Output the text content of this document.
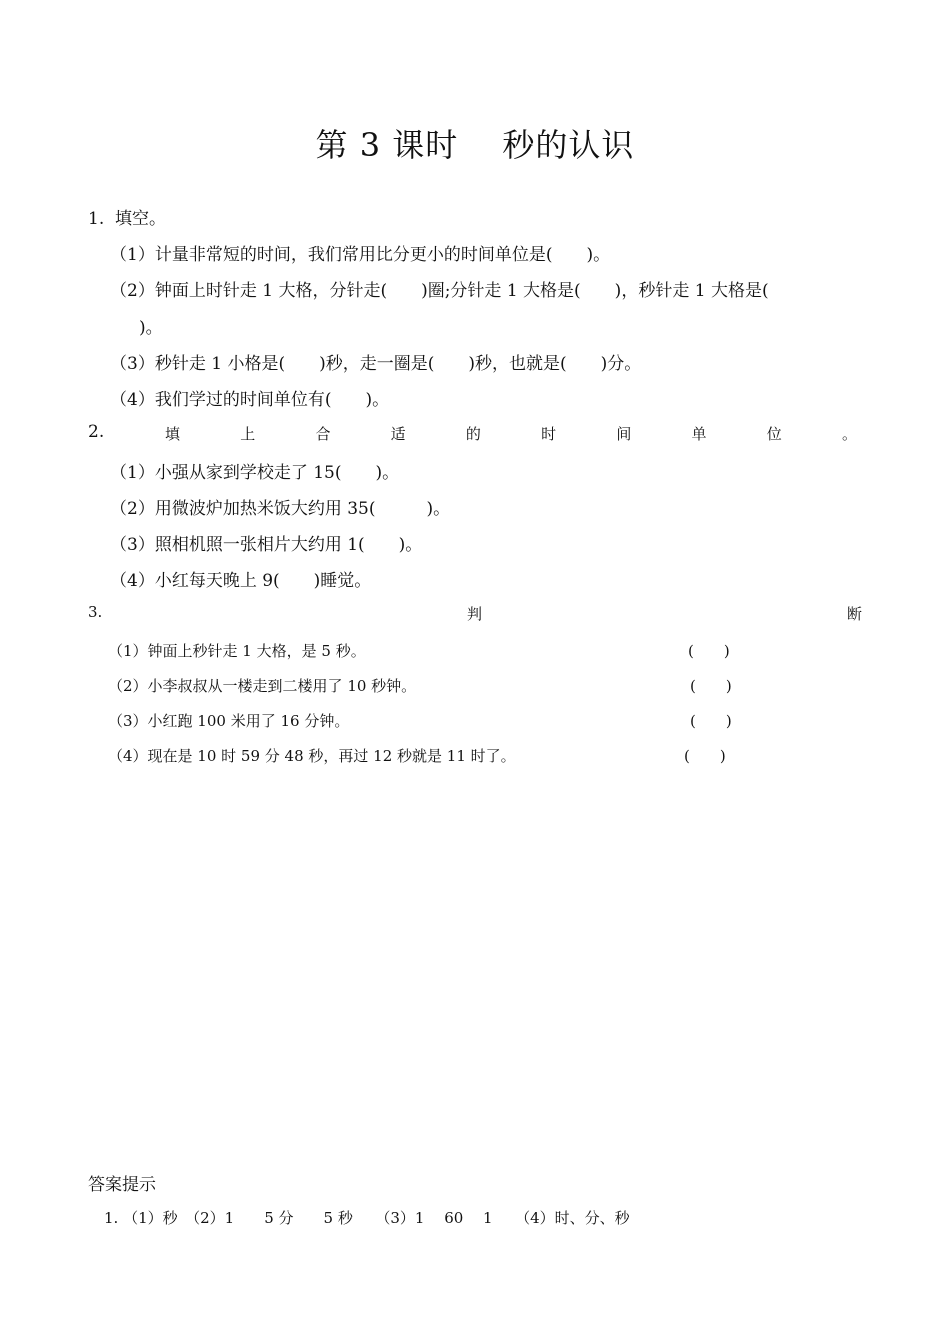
第 3 课时　 秒的认识
1.  填空。
（1）计量非常短的时间，我们常用比分更小的时间单位是(　　)。
（2）钟面上时针走 1 大格，分针走(　　)圈;分针走 1 大格是(　　)，秒针走 1 大格是(
　)。
（3）秒针走 1 小格是(　　)秒，走一圈是(　　)秒，也就是(　　)分。
（4）我们学过的时间单位有(　　)。
2.	填	上	合	适	的	时	间	单	位	。
（1）小强从家到学校走了 15(　　)。
（2）用微波炉加热米饭大约用 35(　　　)。
（3）照相机照一张相片大约用 1(　　)。
（4）小红每天晚上 9(　　)睡觉。
3.	判	断
（1）钟面上秒针走 1 大格，是 5 秒。	(　　)
（2）小李叔叔从一楼走到二楼用了 10 秒钟。	(　　)
（3）小红跑 100 米用了 16 分钟。	(　　)
（4）现在是 10 时 59 分 48 秒，再过 12 秒就是 11 时了。	(　　)
答案提示
1. （1）秒　（2）1　　5 分　　5 秒　　（3）1　 60　 1　　（4）时、分、秒
